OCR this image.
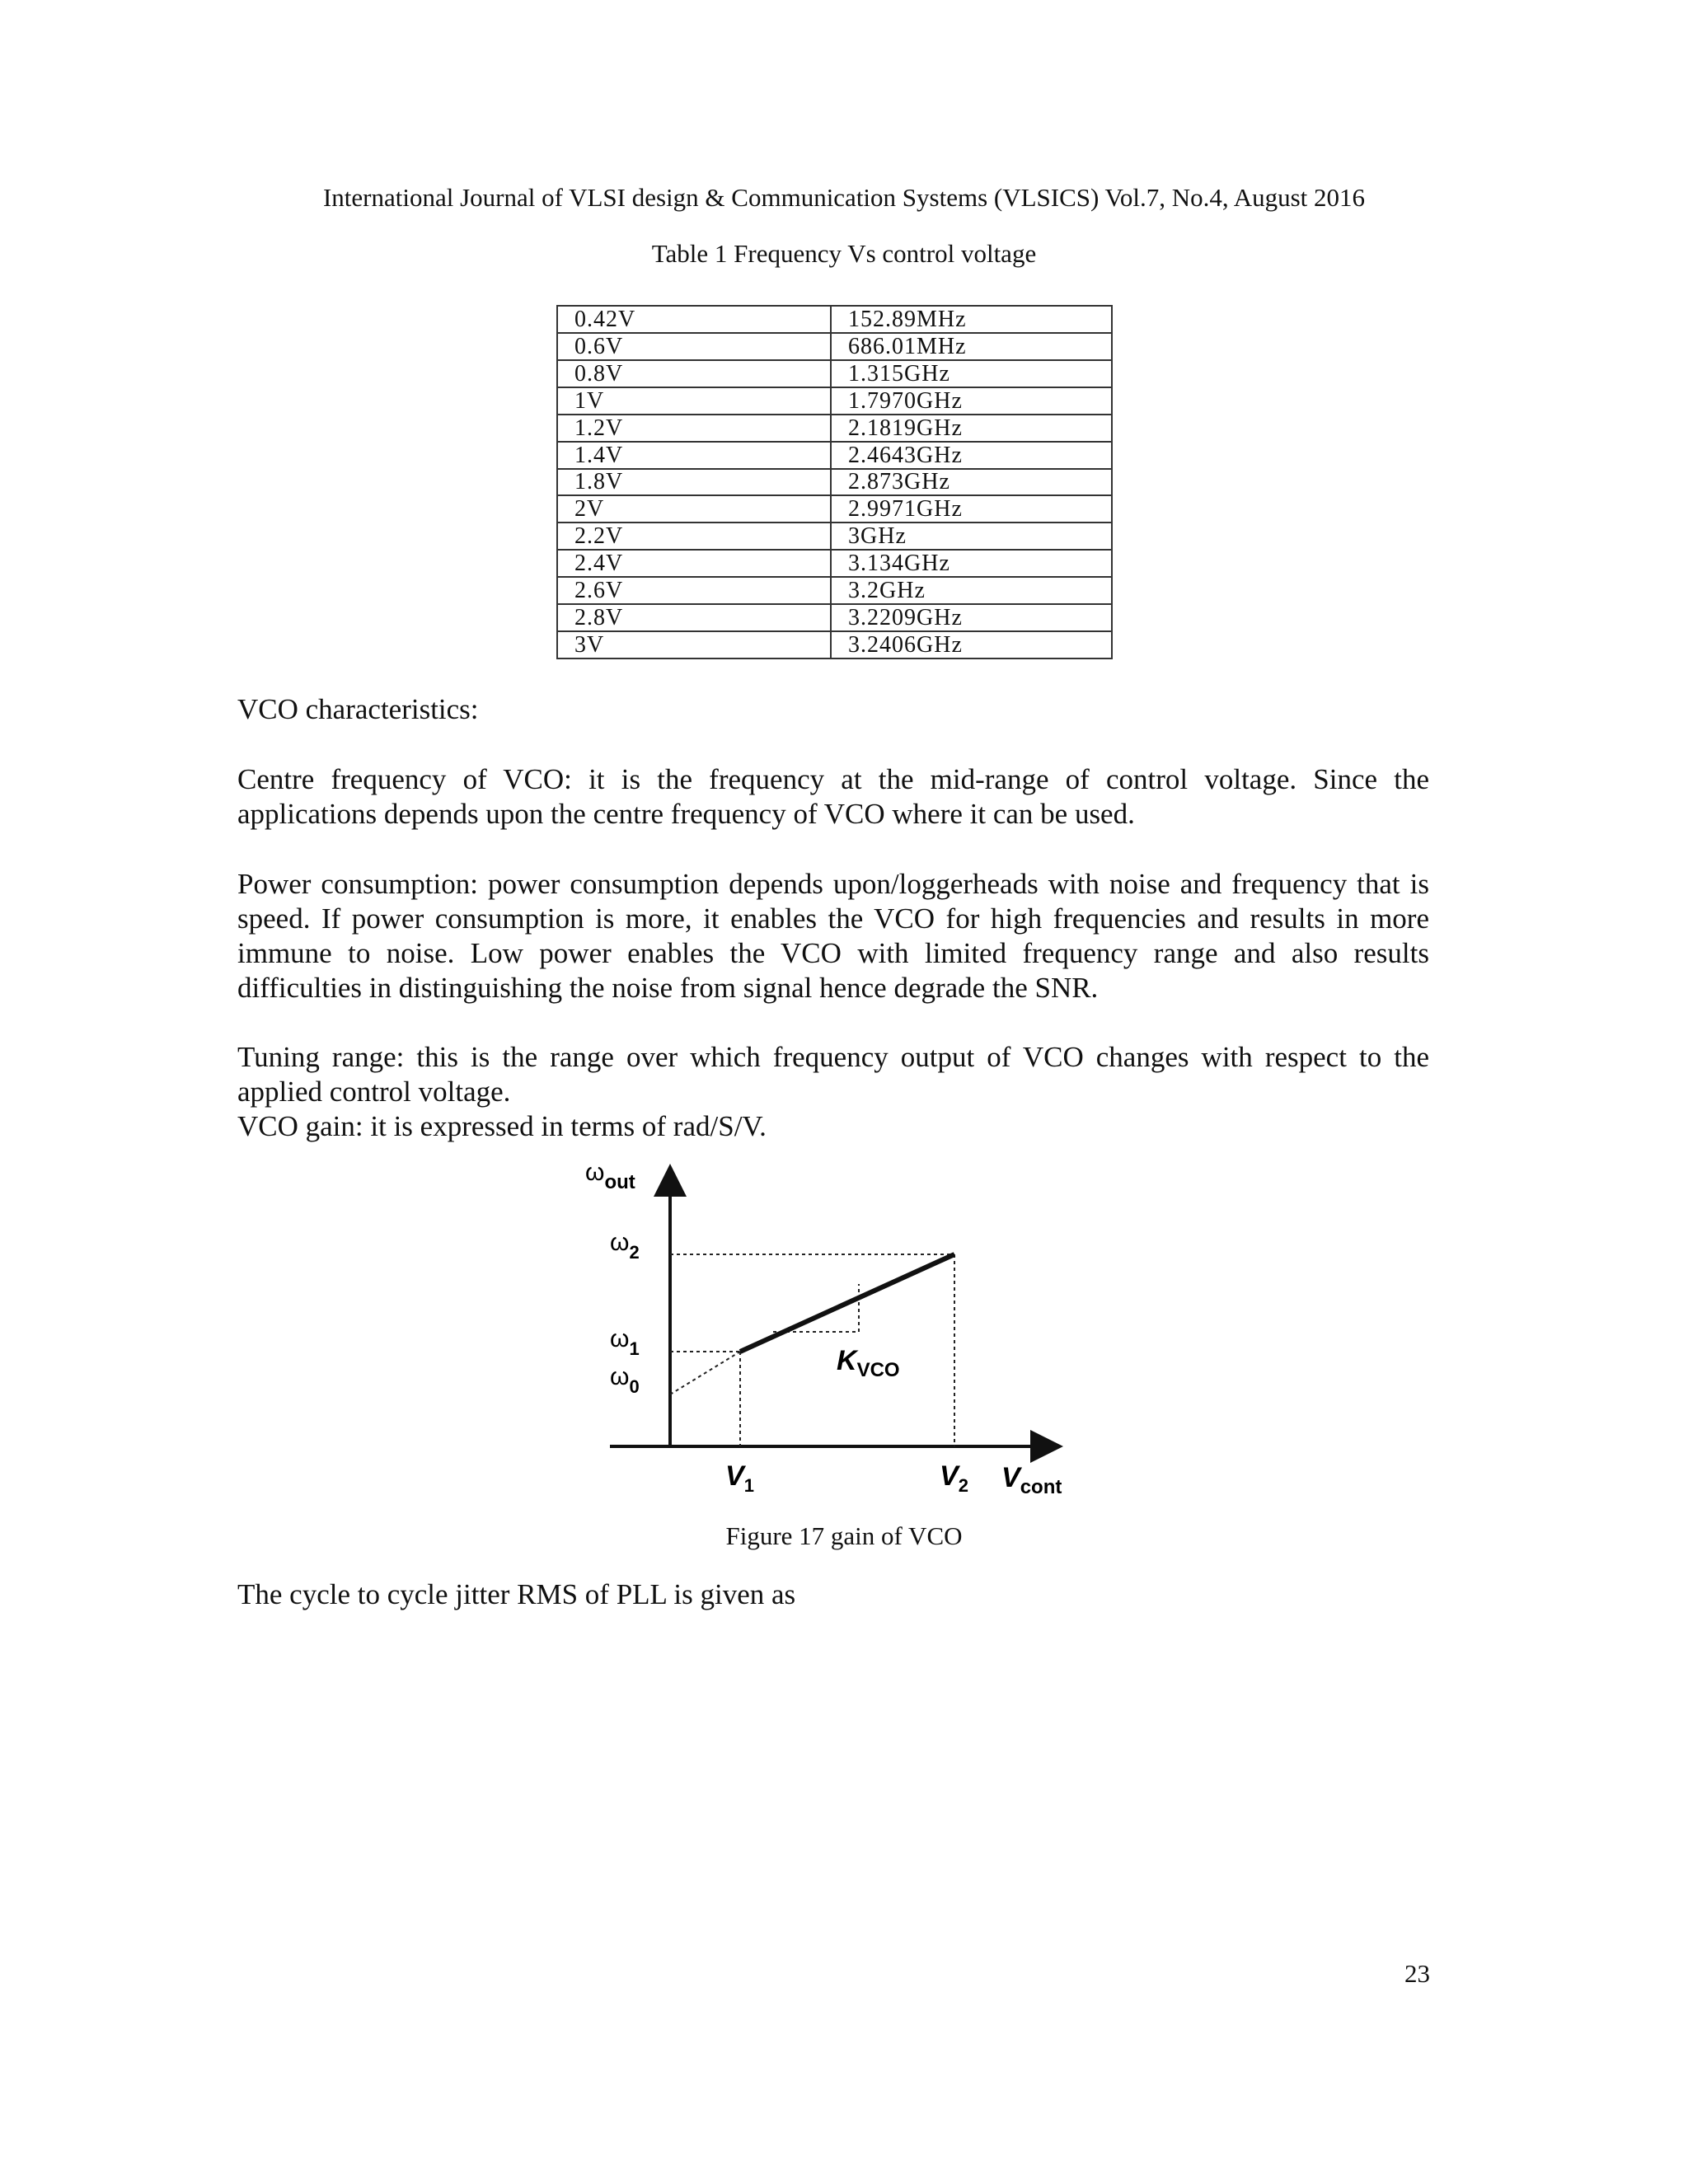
International Journal of VLSI design & Communication Systems (VLSICS) Vol.7, No.4, August 2016
Table 1 Frequency Vs control voltage
0.42V	152.89MHz
0.6V	686.01MHz
0.8V	1.315GHz
1V	1.7970GHz
1.2V	2.1819GHz
1.4V	2.4643GHz
1.8V	2.873GHz
2V	2.9971GHz
2.2V	3GHz
2.4V	3.134GHz
2.6V	3.2GHz
2.8V	3.2209GHz
3V	3.2406GHz
VCO characteristics:

Centre frequency of VCO: it is the frequency at the mid-range of control voltage. Since the applications depends upon the centre frequency of VCO where it can be used.

Power consumption: power consumption depends upon/loggerheads with noise and frequency that is speed. If power consumption is more, it enables the VCO for high frequencies and results in more immune to noise. Low power enables the VCO with limited frequency range and also results difficulties in distinguishing the noise from signal hence degrade the SNR.

Tuning range: this is the range over which frequency output of VCO changes with respect to the applied control voltage.

VCO gain: it is expressed in terms of rad/S/V.

$\omega_{out}$
$\omega_2$
$\omega_1$
$\omega_0$
$K_{VCO}$
$V_1$	$V_2$ $V_{cont}$
Figure 17 gain of VCO

The cycle to cycle jitter RMS of PLL is given as

23
